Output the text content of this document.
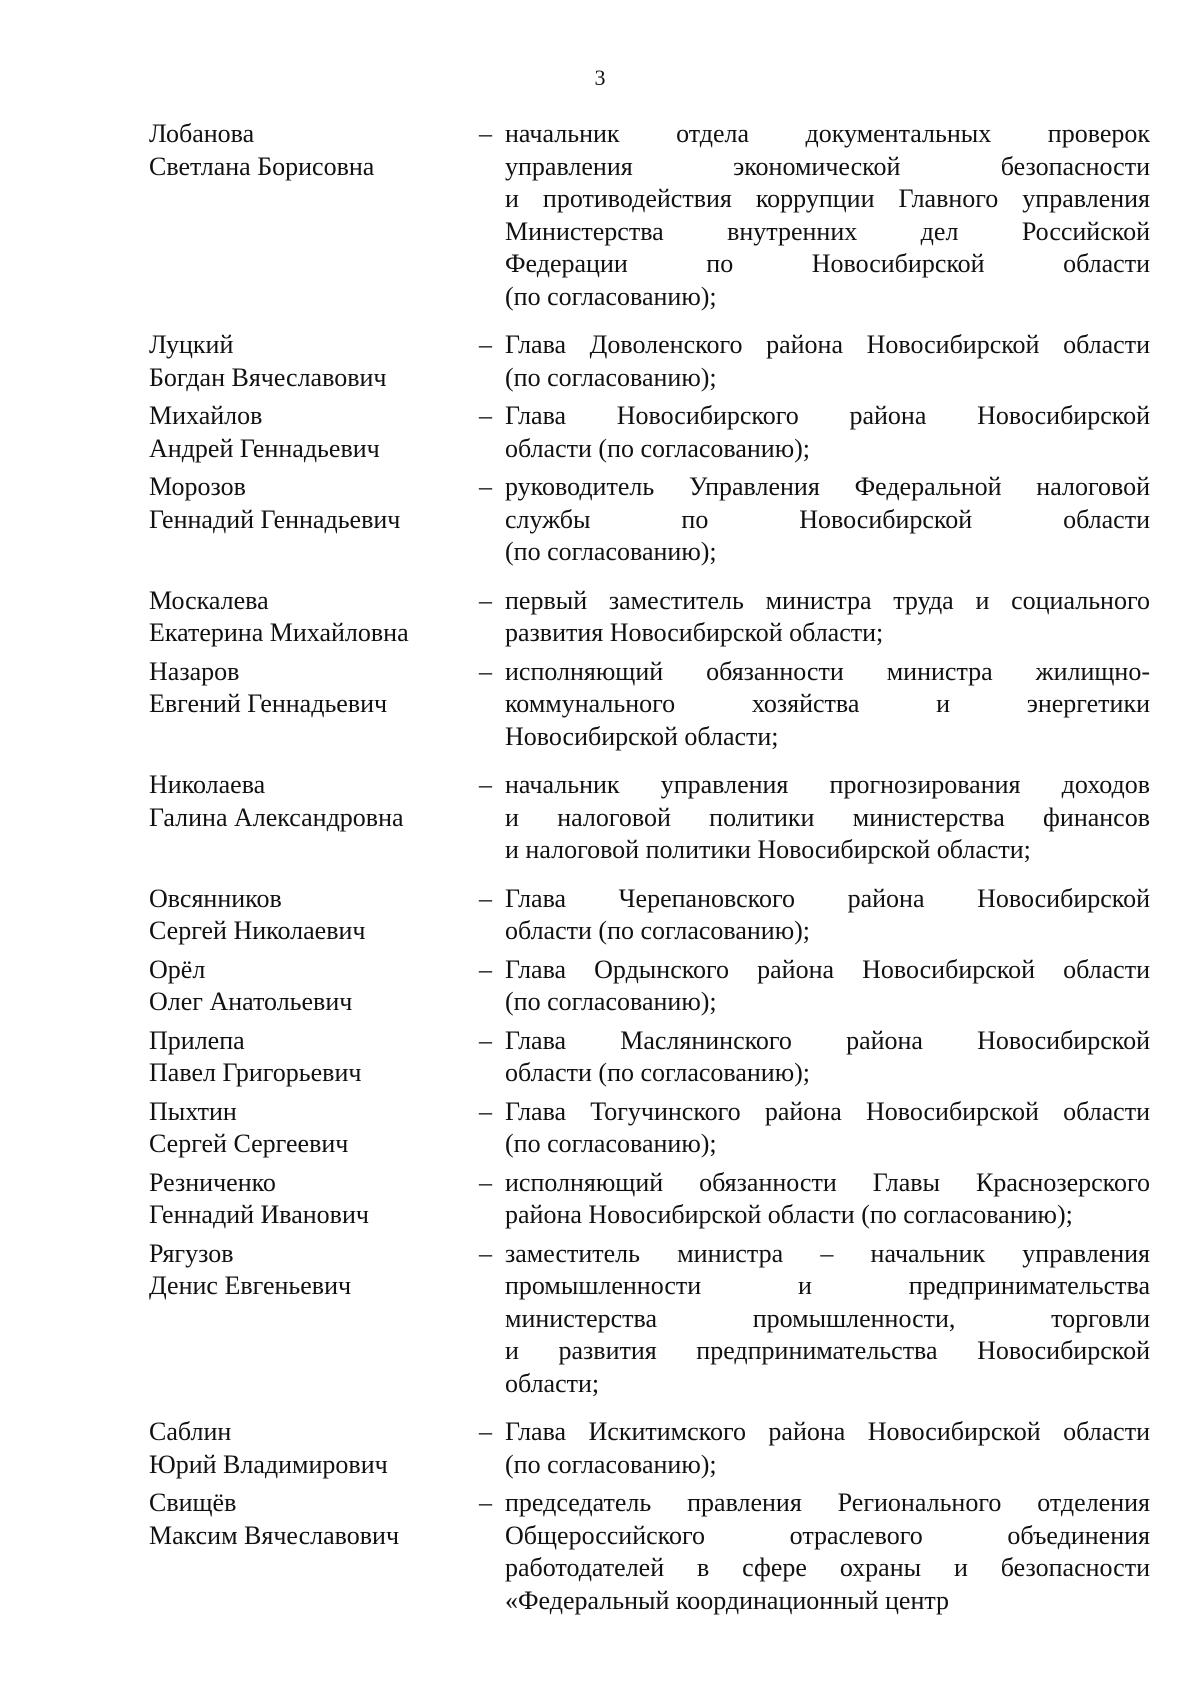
3
Лобанова
Светлана Борисовна
– начальник отдела документальных проверок
управления экономической безопасности
и противодействия коррупции Главного управления
Министерства внутренних дел Российской
Федерации по Новосибирской области
(по согласованию);
Луцкий
Богдан Вячеславович
– Глава Доволенского района Новосибирской области
(по согласованию);
Михайлов
Андрей Геннадьевич
– Глава Новосибирского района Новосибирской
области (по согласованию);
Морозов
Геннадий Геннадьевич
– руководитель Управления Федеральной налоговой
службы по Новосибирской области
(по согласованию);
Москалева
Екатерина Михайловна
– первый заместитель министра труда и социального
развития Новосибирской области;
Назаров
Евгений Геннадьевич
– исполняющий обязанности министра жилищно-
коммунального хозяйства и энергетики
Новосибирской области;
Николаева
Галина Александровна
– начальник управления прогнозирования доходов
и налоговой политики министерства финансов
и налоговой политики Новосибирской области;
Овсянников
Сергей Николаевич
– Глава Черепановского района Новосибирской
области (по согласованию);
Орёл
Олег Анатольевич
– Глава Ордынского района Новосибирской области
(по согласованию);
Прилепа
Павел Григорьевич
– Глава Маслянинского района Новосибирской
области (по согласованию);
Пыхтин
Сергей Сергеевич
– Глава Тогучинского района Новосибирской области
(по согласованию);
Резниченко
Геннадий Иванович
– исполняющий обязанности Главы Краснозерского
района Новосибирской области (по согласованию);
Рягузов
Денис Евгеньевич
– заместитель министра – начальник управления
промышленности и предпринимательства
министерства промышленности, торговли
и развития предпринимательства Новосибирской
области;
Саблин
Юрий Владимирович
– Глава Искитимского района Новосибирской области
(по согласованию);
Свищёв
Максим Вячеславович
– председатель правления Регионального отделения
Общероссийского отраслевого объединения
работодателей в сфере охраны и безопасности
«Федеральный координационный центр
